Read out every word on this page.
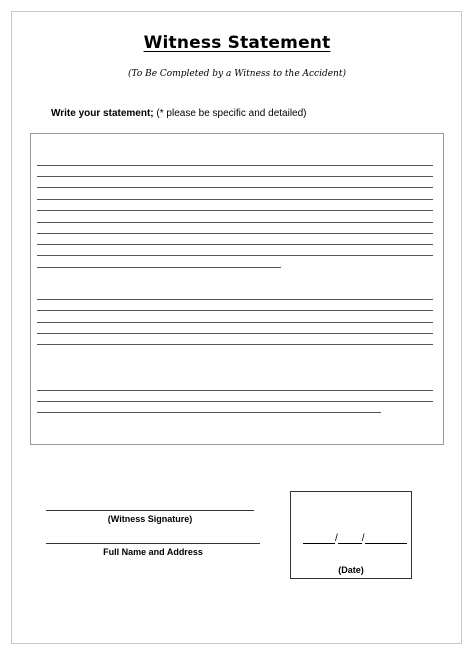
Witness Statement
(To Be Completed by a Witness to the Accident)
Write your statement; (* please be specific and detailed)
(Witness Signature)
Full Name and Address
/ /
(Date)
